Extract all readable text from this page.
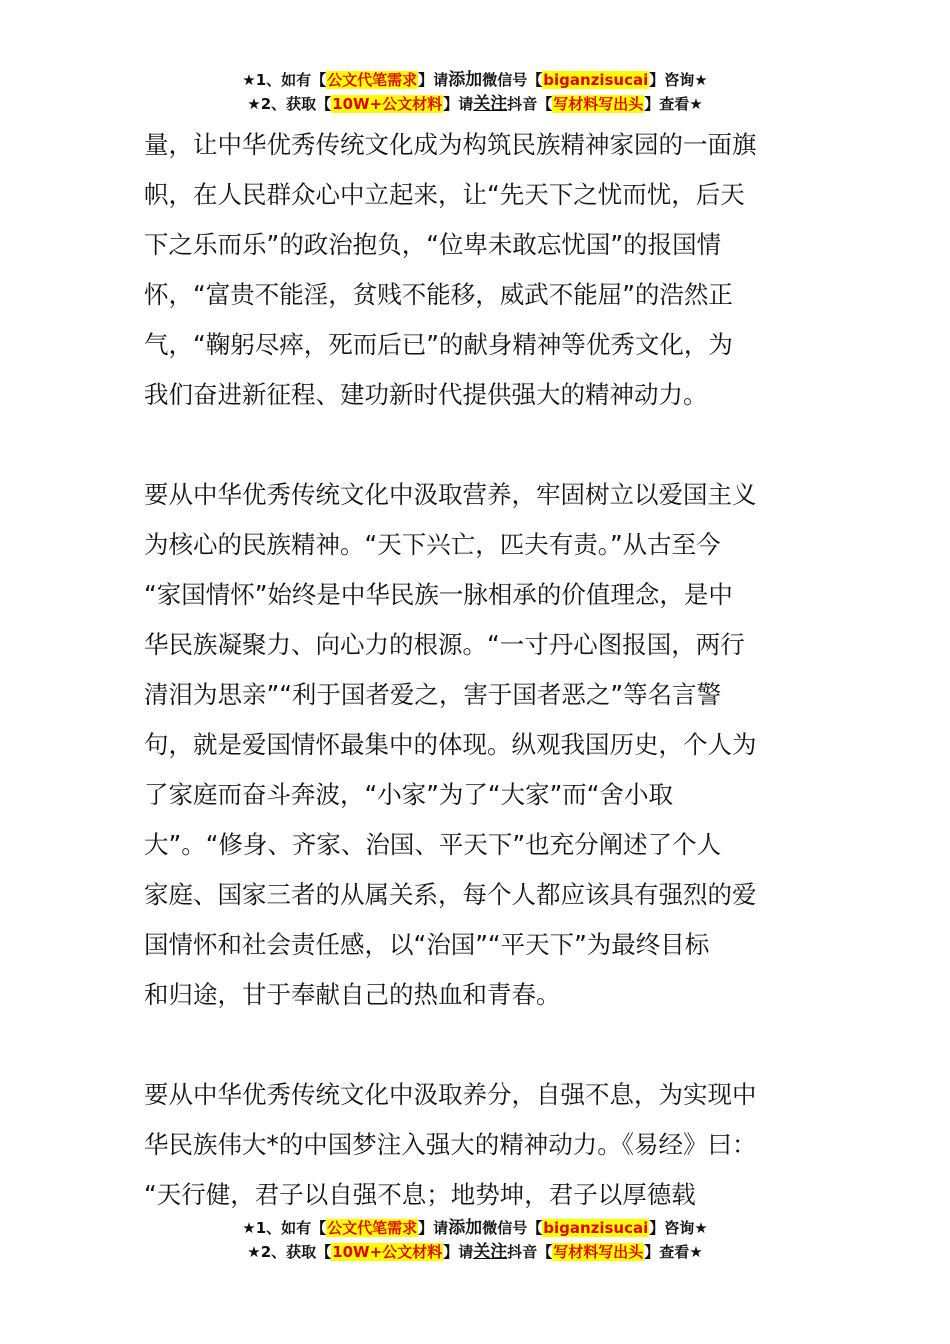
★1、如有【公文代笔需求】请添加微信号【biganzisucai】咨询★
★2、获取【10W+公文材料】请关注抖音【写材料写出头】查看★

量，让中华优秀传统文化成为构筑民族精神家园的一面旗
帜，在人民群众心中立起来，让“先天下之忧而忧，后天
下之乐而乐”的政治抱负，“位卑未敢忘忧国”的报国情
怀，“富贵不能淫，贫贱不能移，威武不能屈”的浩然正
气，“鞠躬尽瘁，死而后已”的献身精神等优秀文化，为
我们奋进新征程、建功新时代提供强大的精神动力。

要从中华优秀传统文化中汲取营养，牢固树立以爱国主义
为核心的民族精神。“天下兴亡，匹夫有责。”从古至今
“家国情怀”始终是中华民族一脉相承的价值理念，是中
华民族凝聚力、向心力的根源。“一寸丹心图报国，两行
清泪为思亲”“利于国者爱之，害于国者恶之”等名言警
句，就是爱国情怀最集中的体现。纵观我国历史，个人为
了家庭而奋斗奔波，“小家”为了“大家”而“舍小取
大”。“修身、齐家、治国、平天下”也充分阐述了个人
家庭、国家三者的从属关系，每个人都应该具有强烈的爱
国情怀和社会责任感，以“治国”“平天下”为最终目标
和归途，甘于奉献自己的热血和青春。

要从中华优秀传统文化中汲取养分，自强不息，为实现中
华民族伟大*的中国梦注入强大的精神动力。《易经》曰：
“天行健，君子以自强不息；地势坤，君子以厚德载

★1、如有【公文代笔需求】请添加微信号【biganzisucai】咨询★
★2、获取【10W+公文材料】请关注抖音【写材料写出头】查看★
